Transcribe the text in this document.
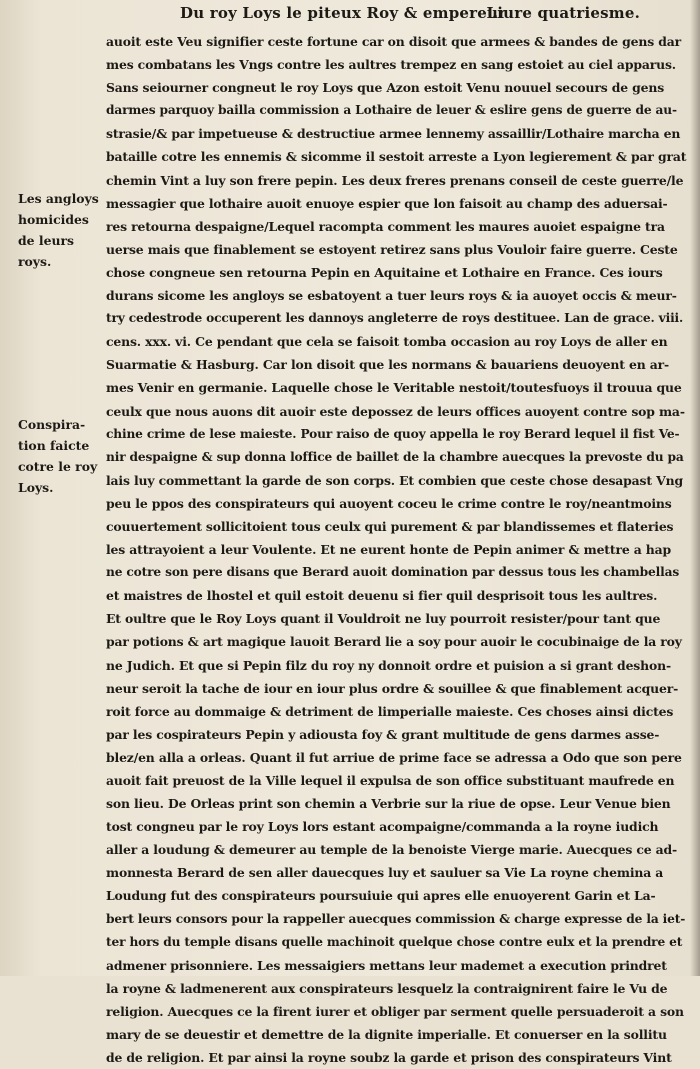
Du roy Loys le piteux Roy & empereur
Liure quatriesme.
Les angloys
homicides
de leurs
roys.
Conspira-
tion faicte
cotre le roy
Loys.
auoit este Veu signifier ceste fortune car on disoit que armees & bandes de gens dar
mes combatans les Vngs contre les aultres trempez en sang estoiet au ciel apparus.
Sans seiourner congneut le roy Loys que Azon estoit Venu nouuel secours de gens
darmes parquoy bailla commission a Lothaire de leuer & eslire gens de guerre de au-
strasie/& par impetueuse & destructiue armee lennemy assaillir/Lothaire marcha en
bataille cotre les ennemis & sicomme il sestoit arreste a Lyon legierement & par grat
chemin Vint a luy son frere pepin. Les deux freres prenans conseil de ceste guerre/le
messagier que lothaire auoit enuoye espier que lon faisoit au champ des aduersai-
res retourna despaigne/Lequel racompta comment les maures auoiet espaigne tra
uerse mais que finablement se estoyent retirez sans plus Vouloir faire guerre. Ceste
chose congneue sen retourna Pepin en Aquitaine et Lothaire en France. Ces iours
durans sicome les angloys se esbatoyent a tuer leurs roys & ia auoyet occis & meur-
try cedestrode occuperent les dannoys angleterre de roys destituee. Lan de grace. viii.
cens. xxx. vi. Ce pendant que cela se faisoit tomba occasion au roy Loys de aller en
Suarmatie & Hasburg. Car lon disoit que les normans & bauariens deuoyent en ar-
mes Venir en germanie. Laquelle chose le Veritable nestoit/toutesfuoys il trouua que
ceulx que nous auons dit auoir este depossez de leurs offices auoyent contre sop ma-
chine crime de lese maieste. Pour raiso de quoy appella le roy Berard lequel il fist Ve-
nir despaigne & sup donna loffice de baillet de la chambre auecques la prevoste du pa
lais luy commettant la garde de son corps. Et combien que ceste chose desapast Vng
peu le ppos des conspirateurs qui auoyent coceu le crime contre le roy/neantmoins
couuertement sollicitoient tous ceulx qui purement & par blandissemes et flateries
les attrayoient a leur Voulente. Et ne eurent honte de Pepin animer & mettre a hap
ne cotre son pere disans que Berard auoit domination par dessus tous les chambellas
et maistres de lhostel et quil estoit deuenu si fier quil desprisoit tous les aultres.
Et oultre que le Roy Loys quant il Vouldroit ne luy pourroit resister/pour tant que
par potions & art magique lauoit Berard lie a soy pour auoir le cocubinaige de la roy
ne Judich. Et que si Pepin filz du roy ny donnoit ordre et puision a si grant deshon-
neur seroit la tache de iour en iour plus ordre & souillee & que finablement acquer-
roit force au dommaige & detriment de limperialle maieste. Ces choses ainsi dictes
par les cospirateurs Pepin y adiousta foy & grant multitude de gens darmes asse-
blez/en alla a orleas. Quant il fut arriue de prime face se adressa a Odo que son pere
auoit fait preuost de la Ville lequel il expulsa de son office substituant maufrede en
son lieu. De Orleas print son chemin a Verbrie sur la riue de opse. Leur Venue bien
tost congneu par le roy Loys lors estant acompaigne/commanda a la royne iudich
aller a loudung & demeurer au temple de la benoiste Vierge marie. Auecques ce ad-
monnesta Berard de sen aller dauecques luy et sauluer sa Vie La royne chemina a
Loudung fut des conspirateurs poursuiuie qui apres elle enuoyerent Garin et La-
bert leurs consors pour la rappeller auecques commission & charge expresse de la iet-
ter hors du temple disans quelle machinoit quelque chose contre eulx et la prendre et
admener prisonniere. Les messaigiers mettans leur mademet a execution prindret
la royne & ladmenerent aux conspirateurs lesquelz la contraignirent faire le Vu de
religion. Auecques ce la firent iurer et obliger par serment quelle persuaderoit a son
mary de se deuestir et demettre de la dignite imperialle. Et conuerser en la sollitu
de de religion. Et par ainsi la royne soubz la garde et prison des conspirateurs Vint
